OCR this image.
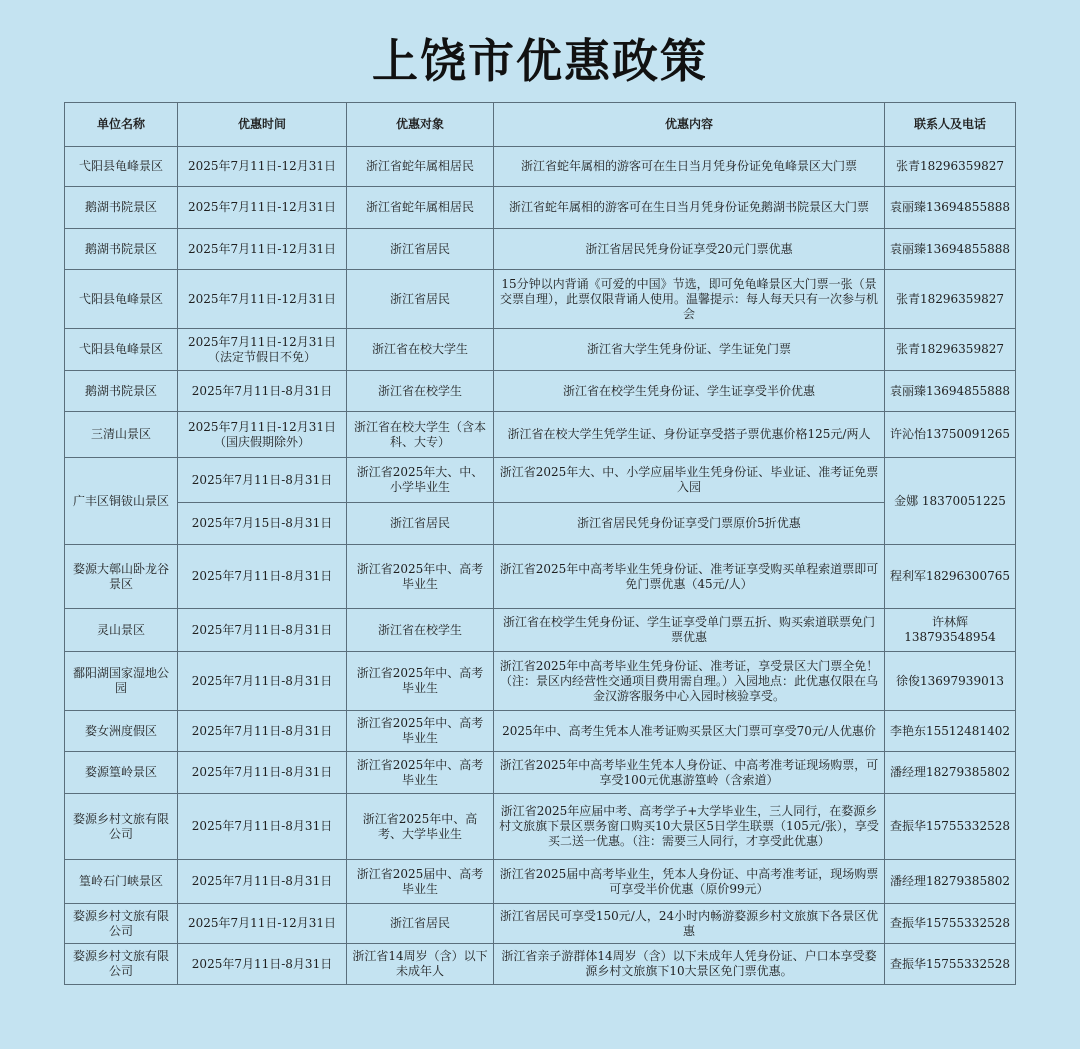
上饶市优惠政策
单位名称	优惠时间	优惠对象	优惠内容	联系人及电话
弋阳县龟峰景区	2025年7月11日-12月31日	浙江省蛇年属相居民	浙江省蛇年属相的游客可在生日当月凭身份证免龟峰景区大门票	张青18296359827
鹅湖书院景区	2025年7月11日-12月31日	浙江省蛇年属相居民	浙江省蛇年属相的游客可在生日当月凭身份证免鹅湖书院景区大门票	袁丽臻13694855888
鹅湖书院景区	2025年7月11日-12月31日	浙江省居民	浙江省居民凭身份证享受20元门票优惠	袁丽臻13694855888
弋阳县龟峰景区	2025年7月11日-12月31日	浙江省居民	15分钟以内背诵《可爱的中国》节选，即可免龟峰景区大门票一张（景交票自理），此票仅限背诵人使用。温馨提示：每人每天只有一次参与机会	张青18296359827
弋阳县龟峰景区	2025年7月11日-12月31日（法定节假日不免）	浙江省在校大学生	浙江省大学生凭身份证、学生证免门票	张青18296359827
鹅湖书院景区	2025年7月11日-8月31日	浙江省在校学生	浙江省在校学生凭身份证、学生证享受半价优惠	袁丽臻13694855888
三清山景区	2025年7月11日-12月31日（国庆假期除外）	浙江省在校大学生（含本科、大专）	浙江省在校大学生凭学生证、身份证享受搭子票优惠价格125元/两人	许沁怡13750091265
广丰区铜钹山景区	2025年7月11日-8月31日	浙江省2025年大、中、小学毕业生	浙江省2025年大、中、小学应届毕业生凭身份证、毕业证、准考证免票入园	金娜 18370051225
	2025年7月15日-8月31日	浙江省居民	浙江省居民凭身份证享受门票原价5折优惠	
婺源大鄣山卧龙谷景区	2025年7月11日-8月31日	浙江省2025年中、高考毕业生	浙江省2025年中高考毕业生凭身份证、准考证享受购买单程索道票即可免门票优惠（45元/人）	程利军18296300765
灵山景区	2025年7月11日-8月31日	浙江省在校学生	浙江省在校学生凭身份证、学生证享受单门票五折、购买索道联票免门票优惠	许林辉138793548954
鄱阳湖国家湿地公园	2025年7月11日-8月31日	浙江省2025年中、高考毕业生	浙江省2025年中高考毕业生凭身份证、准考证，享受景区大门票全免！（注：景区内经营性交通项目费用需自理。）入园地点：此优惠仅限在乌金汉游客服务中心入园时核验享受。	徐俊13697939013
婺女洲度假区	2025年7月11日-8月31日	浙江省2025年中、高考毕业生	2025年中、高考生凭本人准考证购买景区大门票可享受70元/人优惠价	李艳东15512481402
婺源篁岭景区	2025年7月11日-8月31日	浙江省2025年中、高考毕业生	浙江省2025年中高考毕业生凭本人身份证、中高考准考证现场购票，可享受100元优惠游篁岭（含索道）	潘经理18279385802
婺源乡村文旅有限公司	2025年7月11日-8月31日	浙江省2025年中、高考、大学毕业生	浙江省2025年应届中考、高考学子+大学毕业生，三人同行，在婺源乡村文旅旗下景区票务窗口购买10大景区5日学生联票（105元/张），享受买二送一优惠。（注：需要三人同行，才享受此优惠）	查振华15755332528
篁岭石门峡景区	2025年7月11日-8月31日	浙江省2025届中、高考毕业生	浙江省2025届中高考毕业生，凭本人身份证、中高考准考证，现场购票可享受半价优惠（原价99元）	潘经理18279385802
婺源乡村文旅有限公司	2025年7月11日-12月31日	浙江省居民	浙江省居民可享受150元/人，24小时内畅游婺源乡村文旅旗下各景区优惠	查振华15755332528
婺源乡村文旅有限公司	2025年7月11日-8月31日	浙江省14周岁（含）以下未成年人	浙江省亲子游群体14周岁（含）以下未成年人凭身份证、户口本享受婺源乡村文旅旗下10大景区免门票优惠。	查振华15755332528
